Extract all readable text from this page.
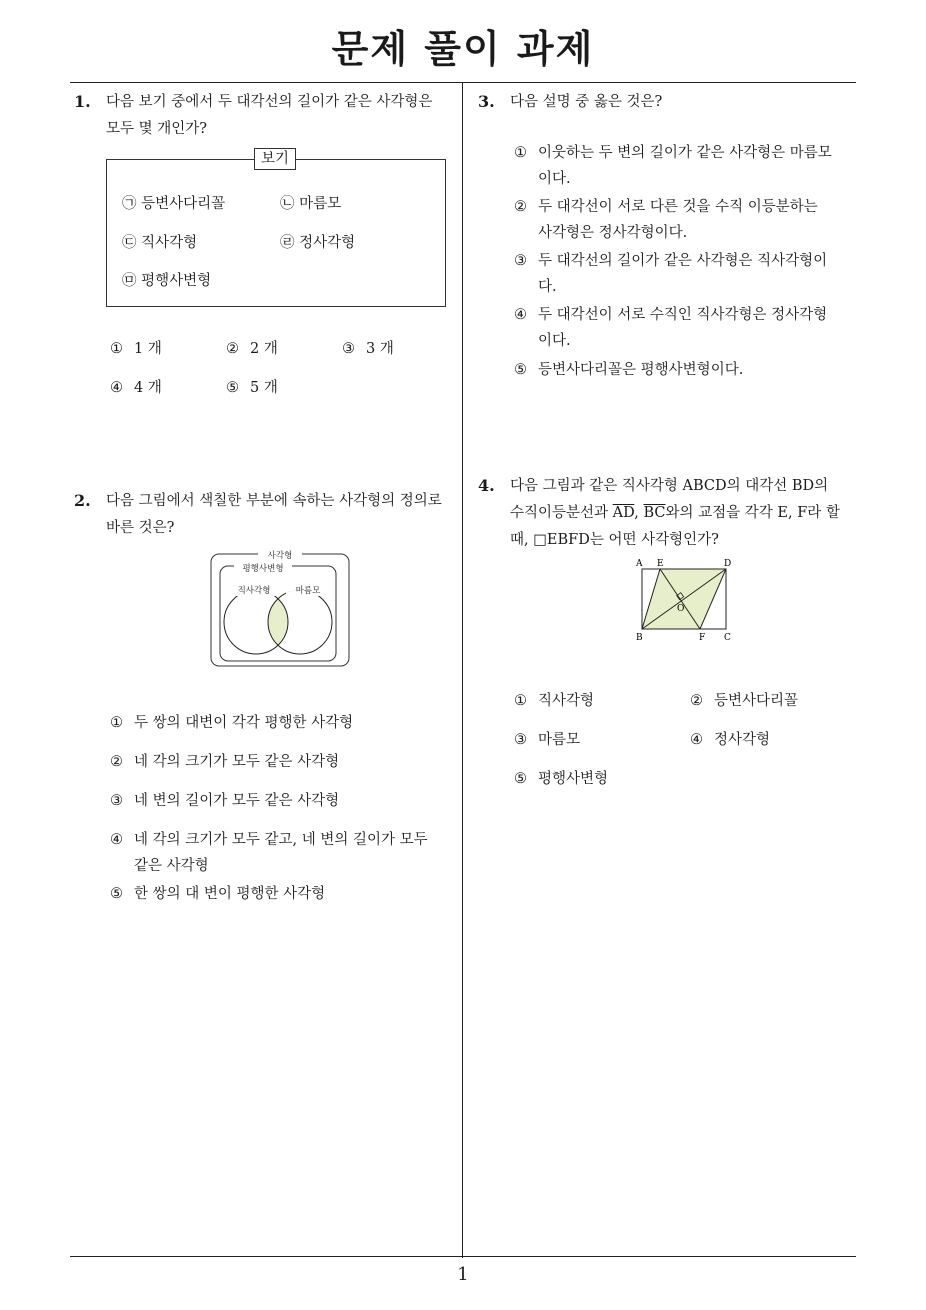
문제 풀이 과제
1
1. 다음 보기 중에서 두 대각선의 길이가 같은 사각형은
모두 몇 개인가?
보기
㉠ 등변사다리꼴	㉡ 마름모
㉢ 직사각형	㉣ 정사각형
㉤ 평행사변형
① 1 개	② 2 개	③ 3 개
④ 4 개	⑤ 5 개
2. 다음 그림에서 색칠한 부분에 속하는 사각형의 정의로
바른 것은?
사각형
평행사변형
직사각형	마름모
① 두 쌍의 대변이 각각 평행한 사각형
② 네 각의 크기가 모두 같은 사각형
③ 네 변의 길이가 모두 같은 사각형
④ 네 각의 크기가 모두 같고, 네 변의 길이가 모두
같은 사각형
⑤ 한 쌍의 대 변이 평행한 사각형
3. 다음 설명 중 옳은 것은?
① 이웃하는 두 변의 길이가 같은 사각형은 마름모
이다.
② 두 대각선이 서로 다른 것을 수직 이등분하는
사각형은 정사각형이다.
③ 두 대각선의 길이가 같은 사각형은 직사각형이
다.
④ 두 대각선이 서로 수직인 직사각형은 정사각형
이다.
⑤ 등변사다리꼴은 평행사변형이다.
4. 다음 그림과 같은 직사각형 ABCD의 대각선 BD의
수직이등분선과 $\overline{AD}$, $\overline{BC}$와의 교점을 각각 E, F라 할
때, □EBFD는 어떤 사각형인가?
A E	D
O
B	F C
① 직사각형	② 등변사다리꼴
③ 마름모	④ 정사각형
⑤ 평행사변형
